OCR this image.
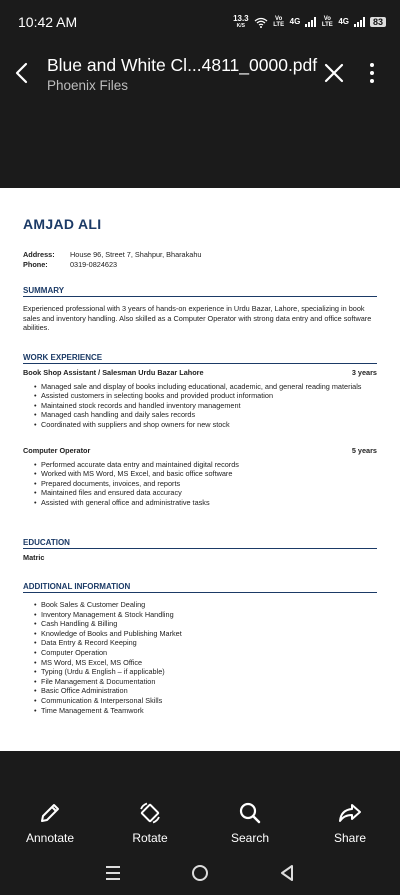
10:42 AM	13.3
K/S
Vo LTE 4G	Vo LTE 4G	83
Blue and White Cl...4811_0000.pdf
Phoenix Files
AMJAD ALI
Address:	House 96, Street 7, Shahpur, Bharakahu
Phone:	0319-0824623
SUMMARY
Experienced professional with 3 years of hands-on experience in Urdu Bazar, Lahore, specializing in book sales and inventory handling. Also skilled as a Computer Operator with strong data entry and office software abilities.
WORK EXPERIENCE
Book Shop Assistant / Salesman Urdu Bazar Lahore	3 years
• Managed sale and display of books including educational, academic, and general reading materials
• Assisted customers in selecting books and provided product information
• Maintained stock records and handled inventory management
• Managed cash handling and daily sales records
• Coordinated with suppliers and shop owners for new stock
Computer Operator	5 years
• Performed accurate data entry and maintained digital records
• Worked with MS Word, MS Excel, and basic office software
• Prepared documents, invoices, and reports
• Maintained files and ensured data accuracy
• Assisted with general office and administrative tasks
EDUCATION
Matric
ADDITIONAL INFORMATION
• Book Sales & Customer Dealing
• Inventory Management & Stock Handling
• Cash Handling & Billing
• Knowledge of Books and Publishing Market
• Data Entry & Record Keeping
• Computer Operation
• MS Word, MS Excel, MS Office
• Typing (Urdu & English – if applicable)
• File Management & Documentation
• Basic Office Administration
• Communication & Interpersonal Skills
• Time Management & Teamwork
Annotate	Rotate	Search	Share
